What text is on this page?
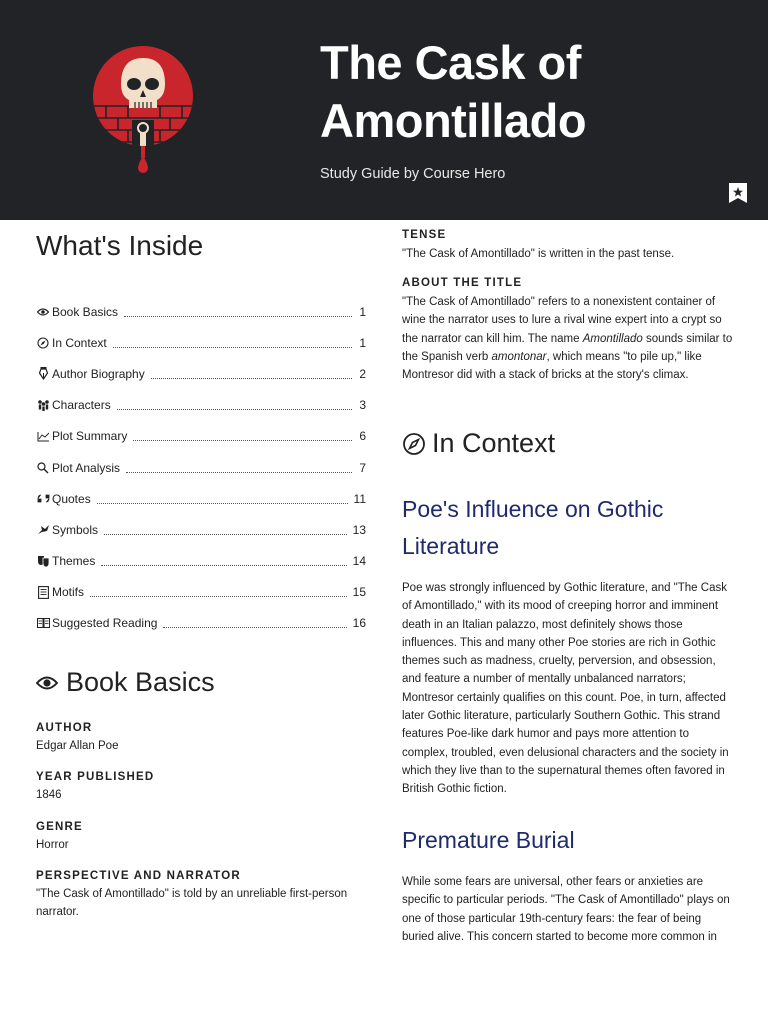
The Cask of Amontillado
Study Guide by Course Hero
What's Inside
Book Basics	1
In Context	1
Author Biography	2
Characters	3
Plot Summary	6
Plot Analysis	7
Quotes	11
Symbols	13
Themes	14
Motifs	15
Suggested Reading	16
Book Basics
AUTHOR
Edgar Allan Poe
YEAR PUBLISHED
1846
GENRE
Horror
PERSPECTIVE AND NARRATOR
"The Cask of Amontillado" is told by an unreliable first-person narrator.
TENSE
"The Cask of Amontillado" is written in the past tense.
ABOUT THE TITLE
"The Cask of Amontillado" refers to a nonexistent container of wine the narrator uses to lure a rival wine expert into a crypt so the narrator can kill him. The name Amontillado sounds similar to the Spanish verb amontonar, which means "to pile up," like Montresor did with a stack of bricks at the story's climax.
In Context
Poe's Influence on Gothic Literature
Poe was strongly influenced by Gothic literature, and "The Cask of Amontillado," with its mood of creeping horror and imminent death in an Italian palazzo, most definitely shows those influences. This and many other Poe stories are rich in Gothic themes such as madness, cruelty, perversion, and obsession, and feature a number of mentally unbalanced narrators; Montresor certainly qualifies on this count. Poe, in turn, affected later Gothic literature, particularly Southern Gothic. This strand features Poe-like dark humor and pays more attention to complex, troubled, even delusional characters and the society in which they live than to the supernatural themes often favored in British Gothic fiction.
Premature Burial
While some fears are universal, other fears or anxieties are specific to particular periods. "The Cask of Amontillado" plays on one of those particular 19th-century fears: the fear of being buried alive. This concern started to become more common in
